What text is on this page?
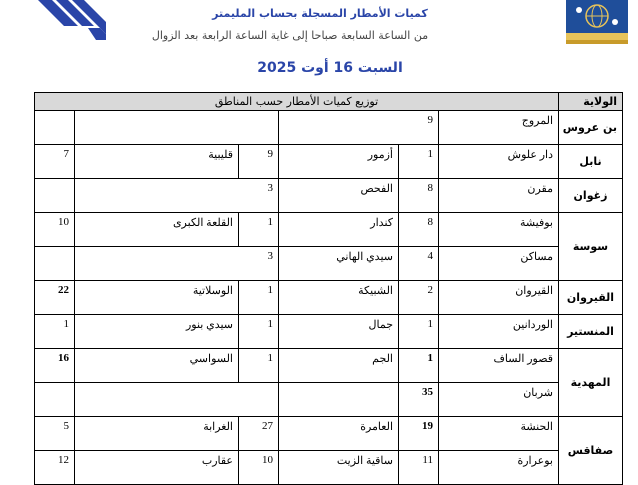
كميات الأمطار المسجلة بحساب المليمتر
من الساعة السابعة صباحا إلى غاية الساعة الرابعة بعد الزوال
السبت 16 أوت 2025
الولاية	توزيع كميات الأمطار حسب المناطق					
بن عروس	المروج	9				
نابل	دار علوش	1	أزمور	9	قليبية	7
زغوان	مقرن	8	الفحص	3		
سوسة	بوفيشة	8	كندار	1	القلعة الكبرى	10
	مساكن	4	سيدي الهاني	3		
القيروان	القيروان	2	الشبيكة	1	الوسلاتية	22
المنستير	الوردانين	1	جمال	1	سيدي بنور	1
المهدية	قصور الساف	1	الجم	1	السواسي	16
	شربان	35				
صفاقس	الحنشة	19	العامرة	27	الغرابة	5
	بوعرارة	11	ساقية الزيت	10	عقارب	12
